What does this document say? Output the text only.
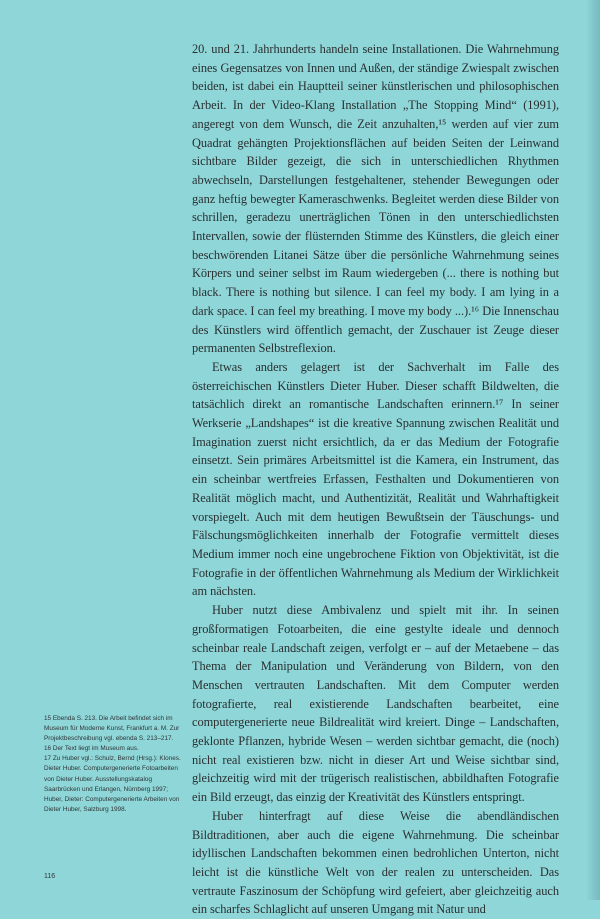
20. und 21. Jahrhunderts handeln seine Installationen. Die Wahrnehmung eines Gegensatzes von Innen und Außen, der ständige Zwiespalt zwischen beiden, ist dabei ein Hauptteil seiner künstlerischen und philosophischen Arbeit. In der Video-Klang Installation „The Stopping Mind“ (1991), angeregt von dem Wunsch, die Zeit anzuhalten,¹⁵ werden auf vier zum Quadrat gehängten Projektionsflächen auf beiden Seiten der Leinwand sichtbare Bilder gezeigt, die sich in unterschiedlichen Rhythmen abwechseln, Darstellungen festgehaltener, stehender Bewegungen oder ganz heftig bewegter Kameraschwenks. Begleitet werden diese Bilder von schrillen, geradezu unerträglichen Tönen in den unterschiedlichsten Intervallen, sowie der flüsternden Stimme des Künstlers, die gleich einer beschwörenden Litanei Sätze über die persönliche Wahrnehmung seines Körpers und seiner selbst im Raum wiedergeben (... there is nothing but black. There is nothing but silence. I can feel my body. I am lying in a dark space. I can feel my breathing. I move my body ...).¹⁶ Die Innenschau des Künstlers wird öffentlich gemacht, der Zuschauer ist Zeuge dieser permanenten Selbstreflexion.

Etwas anders gelagert ist der Sachverhalt im Falle des österreichischen Künstlers Dieter Huber. Dieser schafft Bildwelten, die tatsächlich direkt an romantische Landschaften erinnern.¹⁷ In seiner Werkserie „Landshapes“ ist die kreative Spannung zwischen Realität und Imagination zuerst nicht ersichtlich, da er das Medium der Fotografie einsetzt. Sein primäres Arbeitsmittel ist die Kamera, ein Instrument, das ein scheinbar wertfreies Erfassen, Festhalten und Dokumentieren von Realität möglich macht, und Authentizität, Realität und Wahrhaftigkeit vorspiegelt. Auch mit dem heutigen Bewußtsein der Täuschungs- und Fälschungsmöglichkeiten innerhalb der Fotografie vermittelt dieses Medium immer noch eine ungebrochene Fiktion von Objektivität, ist die Fotografie in der öffentlichen Wahrnehmung als Medium der Wirklichkeit am nächsten.

Huber nutzt diese Ambivalenz und spielt mit ihr. In seinen großformatigen Fotoarbeiten, die eine gestylte ideale und dennoch scheinbar reale Landschaft zeigen, verfolgt er – auf der Metaebene – das Thema der Manipulation und Veränderung von Bildern, von den Menschen vertrauten Landschaften. Mit dem Computer werden fotografierte, real existierende Landschaften bearbeitet, eine computergenerierte neue Bildrealität wird kreiert. Dinge – Landschaften, geklonte Pflanzen, hybride Wesen – werden sichtbar gemacht, die (noch) nicht real existieren bzw. nicht in dieser Art und Weise sichtbar sind, gleichzeitig wird mit der trügerisch realistischen, abbildhaften Fotografie ein Bild erzeugt, das einzig der Kreativität des Künstlers entspringt.

Huber hinterfragt auf diese Weise die abendländischen Bildtraditionen, aber auch die eigene Wahrnehmung. Die scheinbar idyllischen Landschaften bekommen einen bedrohlichen Unterton, nicht leicht ist die künstliche Welt von der realen zu unterscheiden. Das vertraute Faszinosum der Schöpfung wird gefeiert, aber gleichzeitig auch ein scharfes Schlaglicht auf unseren Umgang mit Natur und

15 Ebenda S. 213. Die Arbeit befindet sich im Museum für Moderne Kunst, Frankfurt a. M. Zur Projektbeschreibung vgl. ebenda S. 213–217.
16 Der Text liegt im Museum aus.
17 Zu Huber vgl.: Schulz, Bernd (Hrsg.): Klones. Dieter Huber. Computergenerierte Fotoarbeiten von Dieter Huber. Ausstellungskatalog Saarbrücken und Erlangen, Nürnberg 1997; Huber, Dieter: Computergenerierte Arbeiten von Dieter Huber, Salzburg 1998.
116
